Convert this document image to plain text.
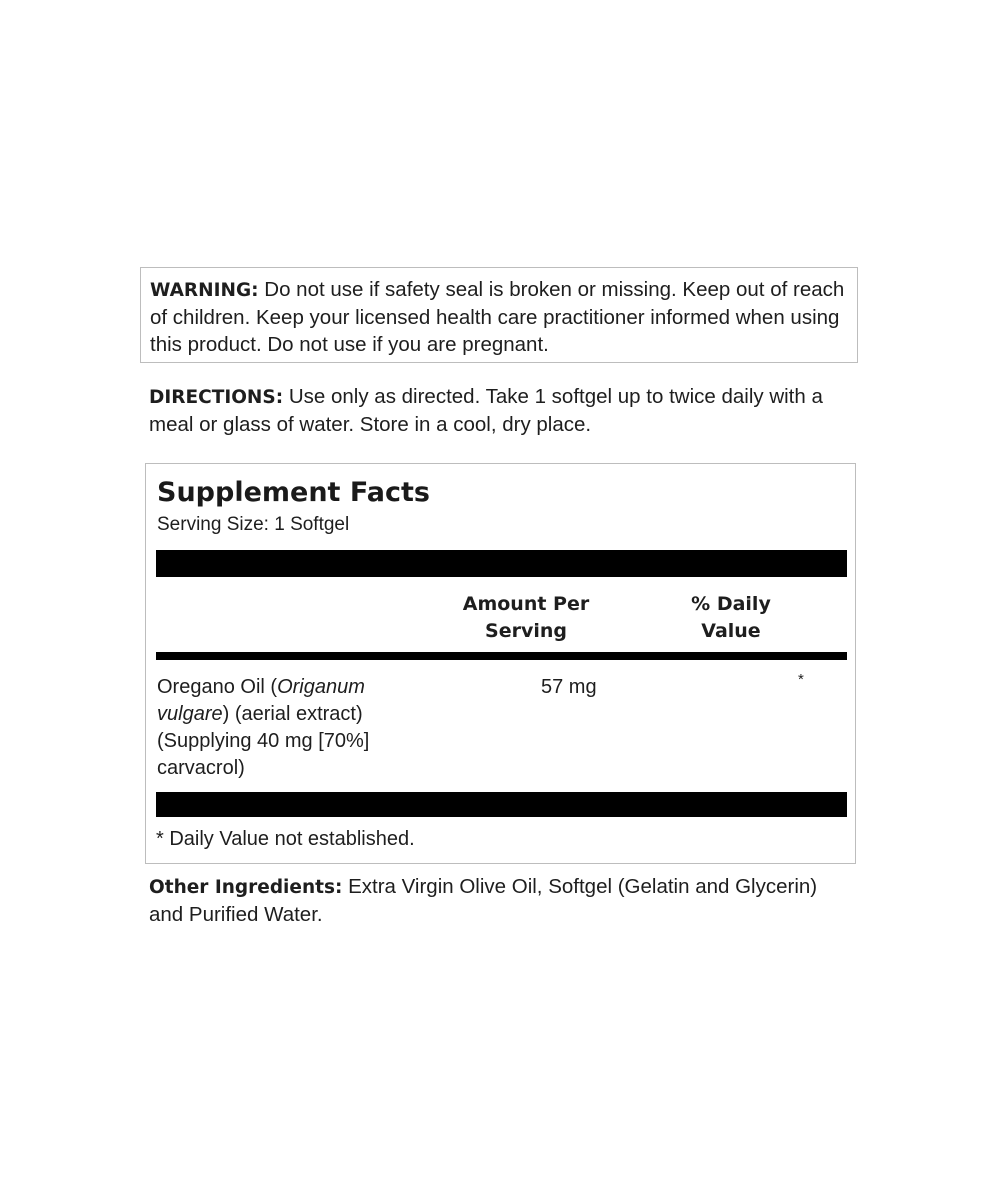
WARNING: Do not use if safety seal is broken or missing. Keep out of reach of children. Keep your licensed health care practitioner informed when using this product. Do not use if you are pregnant.
DIRECTIONS: Use only as directed. Take 1 softgel up to twice daily with a meal or glass of water. Store in a cool, dry place.
Supplement Facts
Serving Size: 1 Softgel
Amount Per
Serving
% Daily
Value
Oregano Oil (Origanum vulgare) (aerial extract) (Supplying 40 mg [70%] carvacrol)
57 mg	*
* Daily Value not established.
Other Ingredients: Extra Virgin Olive Oil, Softgel (Gelatin and Glycerin) and Purified Water.
